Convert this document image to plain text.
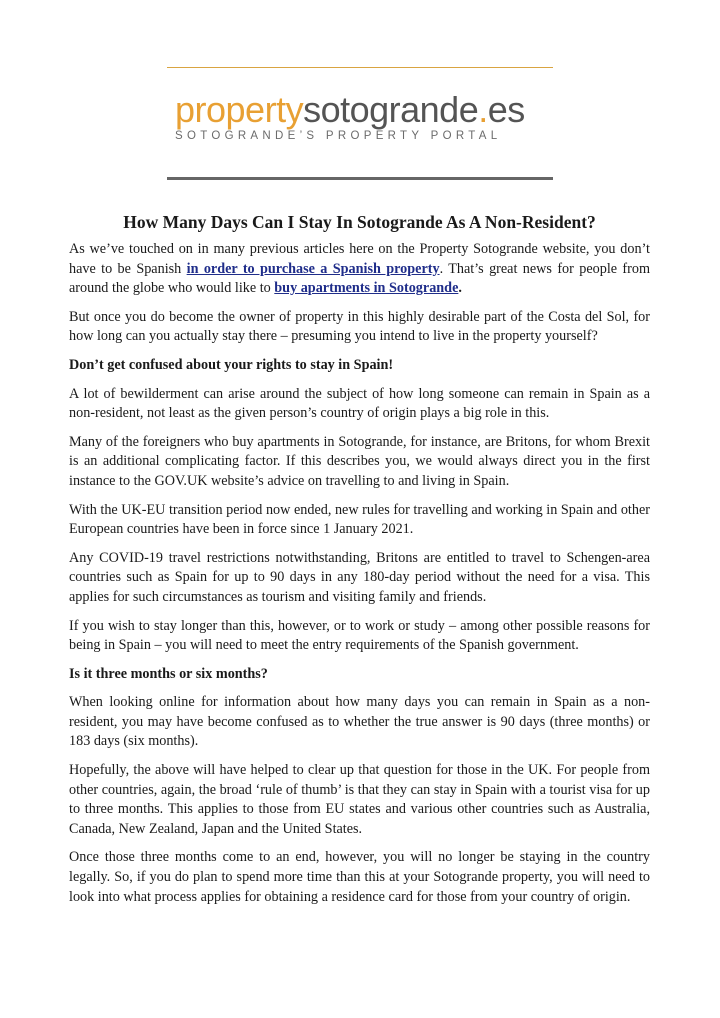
propertysotogrande.es
SOTOGRANDE’S PROPERTY PORTAL
How Many Days Can I Stay In Sotogrande As A Non-Resident?

As we’ve touched on in many previous articles here on the Property Sotogrande website, you don’t have to be Spanish in order to purchase a Spanish property. That’s great news for people from around the globe who would like to buy apartments in Sotogrande.

But once you do become the owner of property in this highly desirable part of the Costa del Sol, for how long can you actually stay there – presuming you intend to live in the property yourself?

Don’t get confused about your rights to stay in Spain!

A lot of bewilderment can arise around the subject of how long someone can remain in Spain as a non-resident, not least as the given person’s country of origin plays a big role in this.

Many of the foreigners who buy apartments in Sotogrande, for instance, are Britons, for whom Brexit is an additional complicating factor. If this describes you, we would always direct you in the first instance to the GOV.UK website’s advice on travelling to and living in Spain.

With the UK-EU transition period now ended, new rules for travelling and working in Spain and other European countries have been in force since 1 January 2021.

Any COVID-19 travel restrictions notwithstanding, Britons are entitled to travel to Schengen-area countries such as Spain for up to 90 days in any 180-day period without the need for a visa. This applies for such circumstances as tourism and visiting family and friends.

If you wish to stay longer than this, however, or to work or study – among other possible reasons for being in Spain – you will need to meet the entry requirements of the Spanish government.

Is it three months or six months?

When looking online for information about how many days you can remain in Spain as a non-resident, you may have become confused as to whether the true answer is 90 days (three months) or 183 days (six months).

Hopefully, the above will have helped to clear up that question for those in the UK. For people from other countries, again, the broad ‘rule of thumb’ is that they can stay in Spain with a tourist visa for up to three months. This applies to those from EU states and various other countries such as Australia, Canada, New Zealand, Japan and the United States.

Once those three months come to an end, however, you will no longer be staying in the country legally. So, if you do plan to spend more time than this at your Sotogrande property, you will need to look into what process applies for obtaining a residence card for those from your country of origin.
